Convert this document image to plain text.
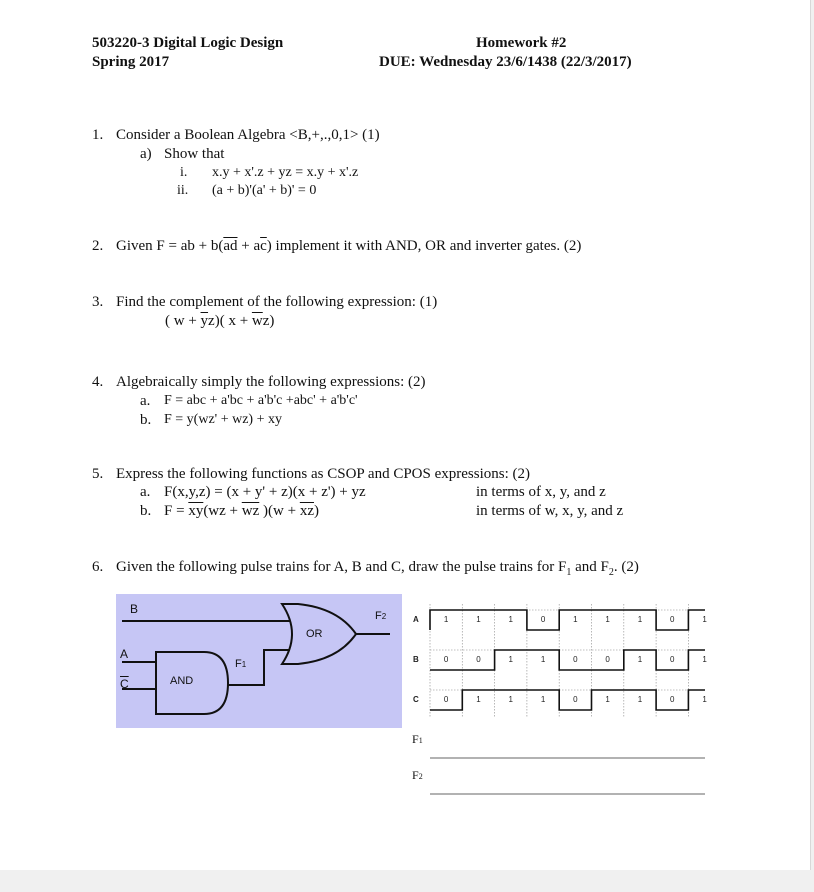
503220-3 Digital Logic Design
Spring 2017
Homework #2
DUE: Wednesday 23/6/1438 (22/3/2017)
1. Consider a Boolean Algebra <B,+,.,0,1> (1)
a) Show that
i. x.y + x'.z + yz = x.y + x'.z
ii. (a + b)'(a' + b)' = 0
2. Given F = ab + $b(\overline{ad} + a\overline{c})$ implement it with AND, OR and inverter gates. (2)
3. Find the complement of the following expression: (1)
( $w + \overline{y}z$)( $x + \overline{w}z$)
4. Algebraically simply the following expressions: (2)
a. F = abc + a'bc + a'b'c +abc' + a'b'c'
b. F = y(wz' + wz) + xy
5. Express the following functions as CSOP and CPOS expressions: (2)
a. F(x,y,z) = (x + y' + z)(x + z') + yz	in terms of x, y, and z
b. $F = \overline{xy}(wz + \overline{wz}$ )$(w + \overline{xz})$	in terms of w, x, y, and z
6. Given the following pulse trains for A, B and C, draw the pulse trains for $F_1$ and $F_2$. (2)
B
A
$\overline{C}$
OR
AND
F1
F2	A	1	1	1	0	1	1	1	0	1
B	0	0	1	1	0	0	1	0	1
C	0	1	1	1	0	1	1	0	1
F1
F2
